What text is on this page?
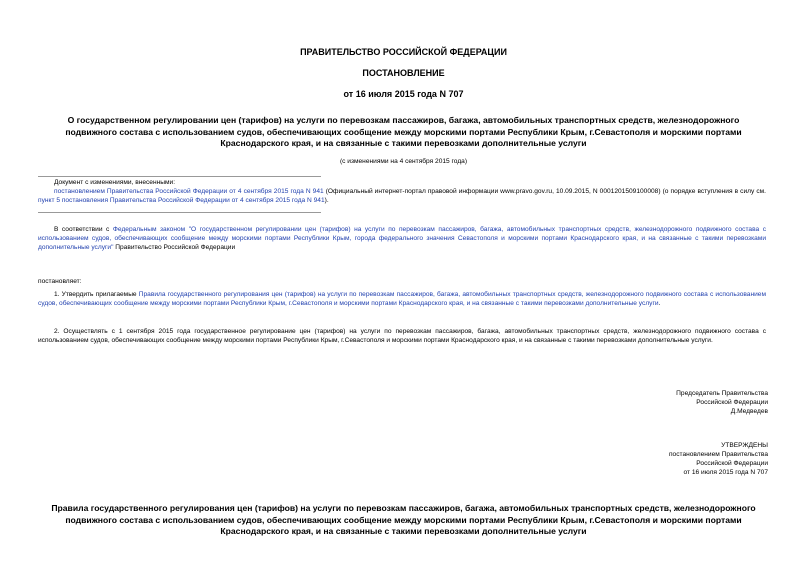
ПРАВИТЕЛЬСТВО РОССИЙСКОЙ ФЕДЕРАЦИИ
ПОСТАНОВЛЕНИЕ
от 16 июля 2015 года N 707
О государственном регулировании цен (тарифов) на услуги по перевозкам пассажиров, багажа, автомобильных транспортных средств, железнодорожного подвижного состава с использованием судов, обеспечивающих сообщение между морскими портами Республики Крым, г.Севастополя и морскими портами Краснодарского края, и на связанные с такими перевозками дополнительные услуги
(с изменениями на 4 сентября 2015 года)
Документ с изменениями, внесенными:
постановлением Правительства Российской Федерации от 4 сентября 2015 года N 941 (Официальный интернет-портал правовой информации www.pravo.gov.ru, 10.09.2015, N 0001201509100008) (о порядке вступления в силу см. пункт 5 постановления Правительства Российской Федерации от 4 сентября 2015 года N 941).
В соответствии с Федеральным законом "О государственном регулировании цен (тарифов) на услуги по перевозкам пассажиров, багажа, автомобильных транспортных средств, железнодорожного подвижного состава с использованием судов, обеспечивающих сообщение между морскими портами Республики Крым, города федерального значения Севастополя и морскими портами Краснодарского края, и на связанные с такими перевозками дополнительные услуги" Правительство Российской Федерации
постановляет:
1. Утвердить прилагаемые Правила государственного регулирования цен (тарифов) на услуги по перевозкам пассажиров, багажа, автомобильных транспортных средств, железнодорожного подвижного состава с использованием судов, обеспечивающих сообщение между морскими портами Республики Крым, г.Севастополя и морскими портами Краснодарского края, и на связанные с такими перевозками дополнительные услуги.
2. Осуществлять с 1 сентября 2015 года государственное регулирование цен (тарифов) на услуги по перевозкам пассажиров, багажа, автомобильных транспортных средств, железнодорожного подвижного состава с использованием судов, обеспечивающих сообщение между морскими портами Республики Крым, г.Севастополя и морскими портами Краснодарского края, и на связанные с такими перевозками дополнительные услуги.
Председатель Правительства
Российской Федерации
Д.Медведев
УТВЕРЖДЕНЫ
постановлением Правительства
Российской Федерации
от 16 июля 2015 года N 707
Правила государственного регулирования цен (тарифов) на услуги по перевозкам пассажиров, багажа, автомобильных транспортных средств, железнодорожного подвижного состава с использованием судов, обеспечивающих сообщение между морскими портами Республики Крым, г.Севастополя и морскими портами Краснодарского края, и на связанные с такими перевозками дополнительные услуги
